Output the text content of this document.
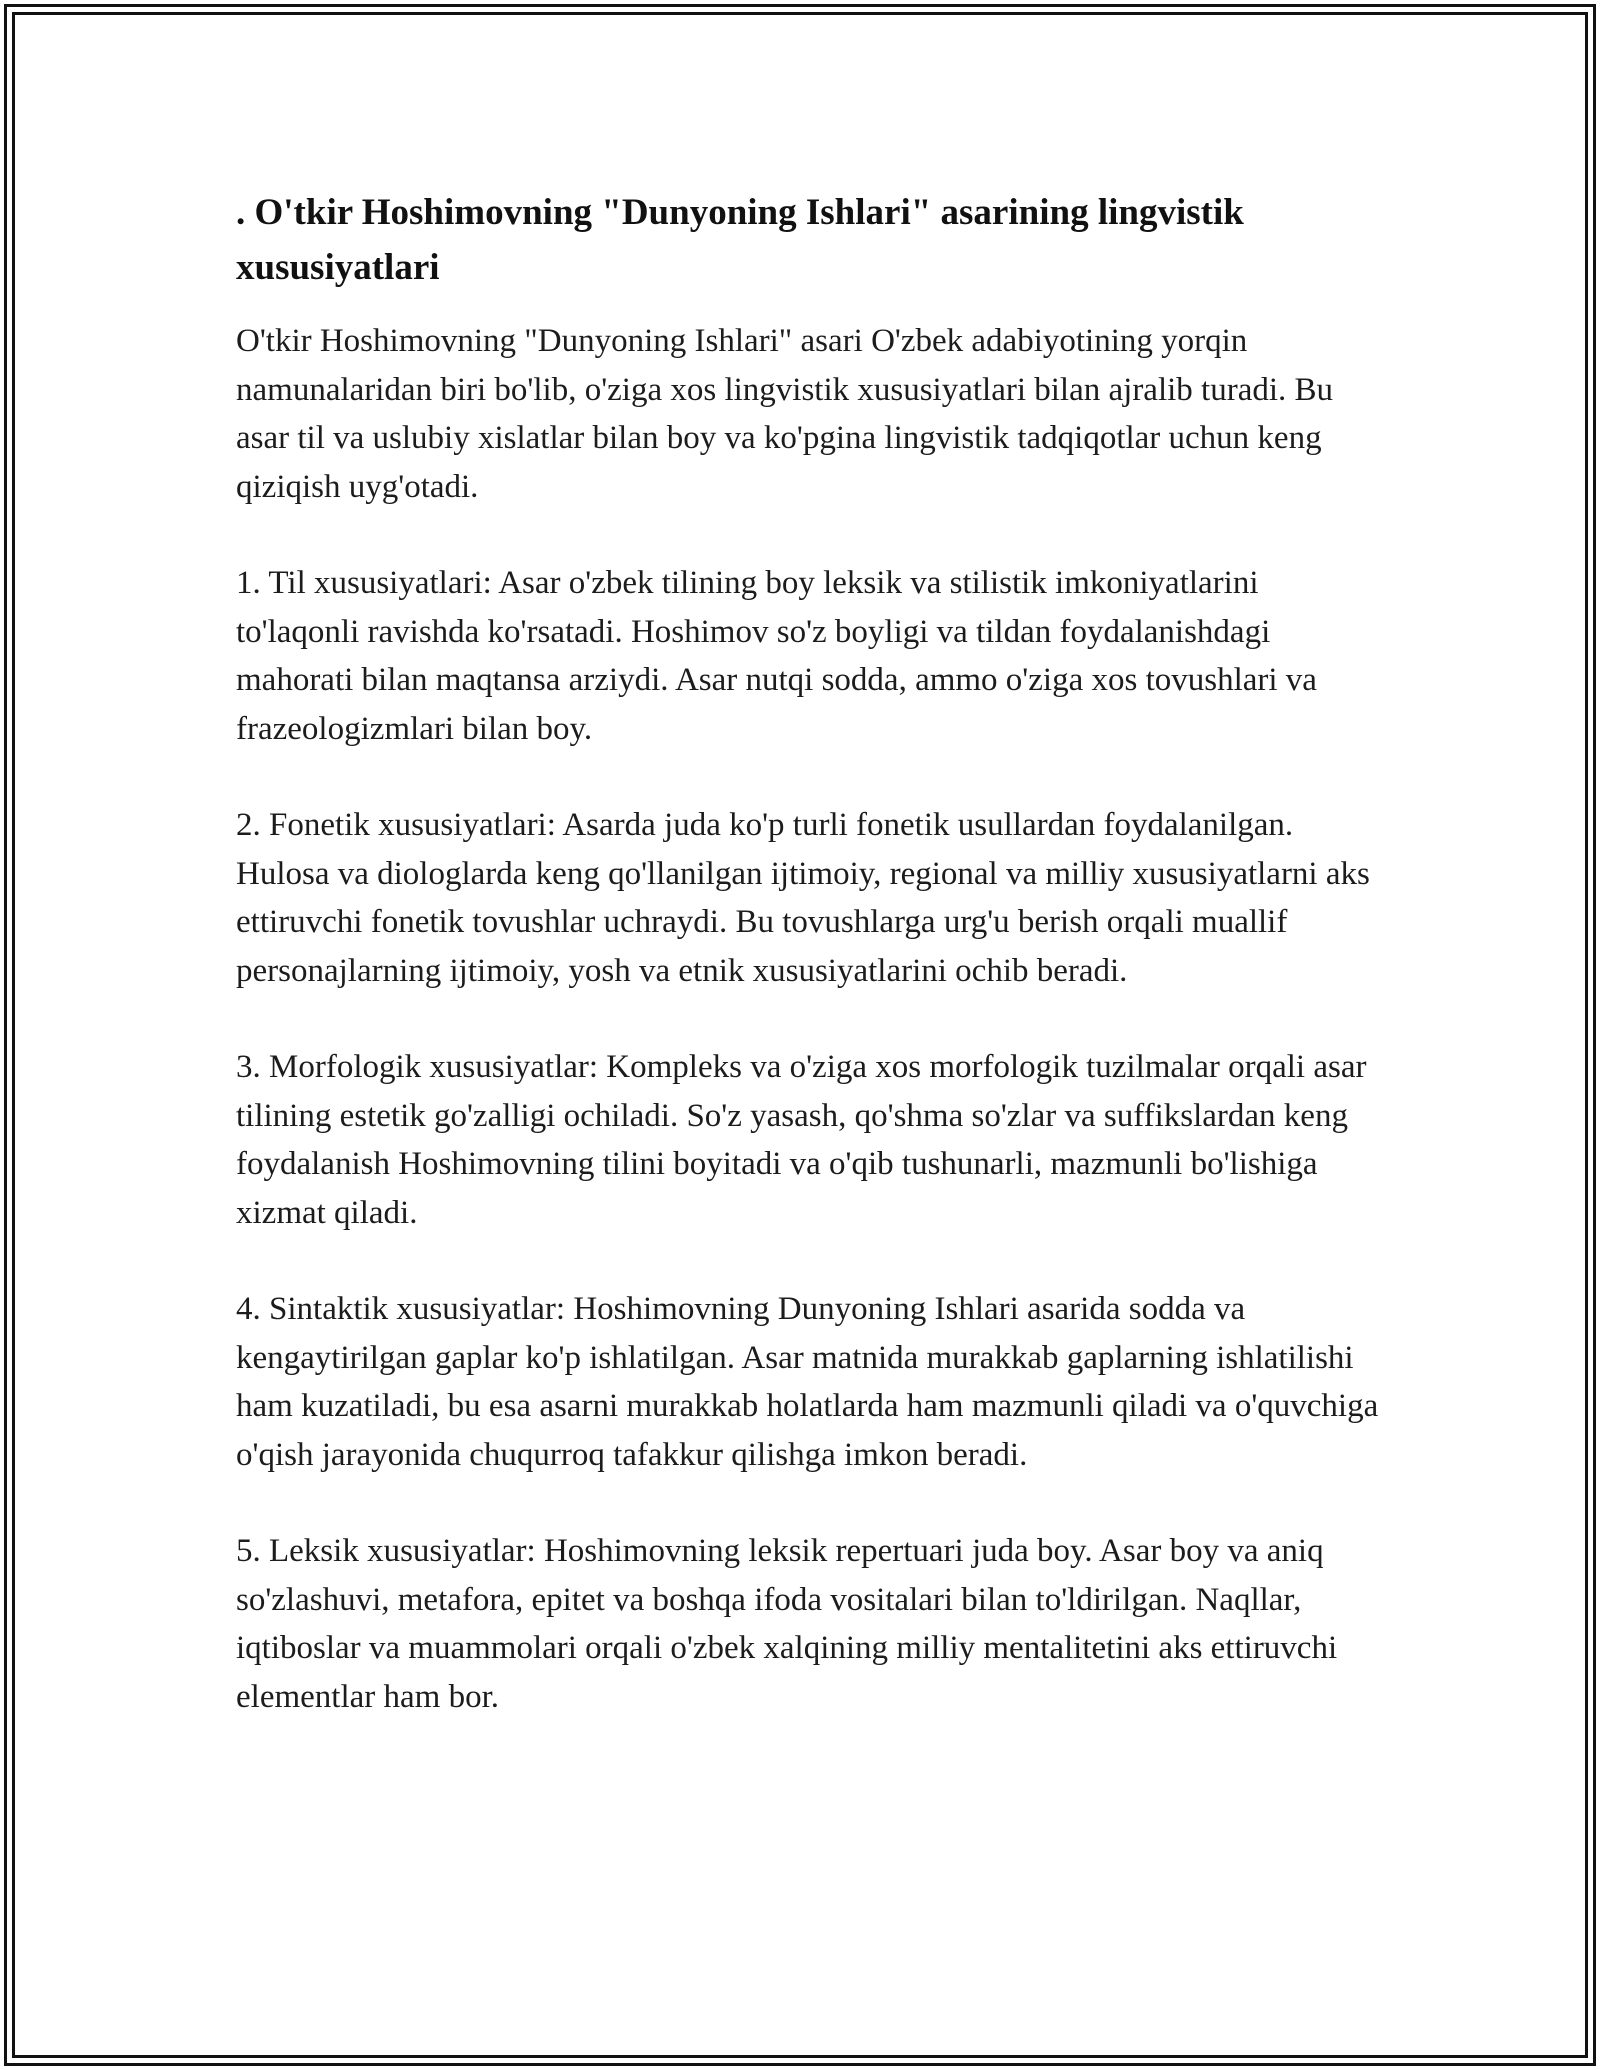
. O'tkir Hoshimovning "Dunyoning Ishlari" asarining lingvistik xususiyatlari

O'tkir Hoshimovning "Dunyoning Ishlari" asari O'zbek adabiyotining yorqin namunalaridan biri bo'lib, o'ziga xos lingvistik xususiyatlari bilan ajralib turadi. Bu asar til va uslubiy xislatlar bilan boy va ko'pgina lingvistik tadqiqotlar uchun keng qiziqish uyg'otadi.

1. Til xususiyatlari: Asar o'zbek tilining boy leksik va stilistik imkoniyatlarini to'laqonli ravishda ko'rsatadi. Hoshimov so'z boyligi va tildan foydalanishdagi mahorati bilan maqtansa arziydi. Asar nutqi sodda, ammo o'ziga xos tovushlari va frazeologizmlari bilan boy.

2. Fonetik xususiyatlari: Asarda juda ko'p turli fonetik usullardan foydalanilgan. Hulosa va diologlarda keng qo'llanilgan ijtimoiy, regional va milliy xususiyatlarni aks ettiruvchi fonetik tovushlar uchraydi. Bu tovushlarga urg'u berish orqali muallif personajlarning ijtimoiy, yosh va etnik xususiyatlarini ochib beradi.

3. Morfologik xususiyatlar: Kompleks va o'ziga xos morfologik tuzilmalar orqali asar tilining estetik go'zalligi ochiladi. So'z yasash, qo'shma so'zlar va suffikslardan keng foydalanish Hoshimovning tilini boyitadi va o'qib tushunarli, mazmunli bo'lishiga xizmat qiladi.

4. Sintaktik xususiyatlar: Hoshimovning Dunyoning Ishlari asarida sodda va kengaytirilgan gaplar ko'p ishlatilgan. Asar matnida murakkab gaplarning ishlatilishi ham kuzatiladi, bu esa asarni murakkab holatlarda ham mazmunli qiladi va o'quvchiga o'qish jarayonida chuqurroq tafakkur qilishga imkon beradi.

5. Leksik xususiyatlar: Hoshimovning leksik repertuari juda boy. Asar boy va aniq so'zlashuvi, metafora, epitet va boshqa ifoda vositalari bilan to'ldirilgan. Naqllar, iqtiboslar va muammolari orqali o'zbek xalqining milliy mentalitetini aks ettiruvchi elementlar ham bor.
